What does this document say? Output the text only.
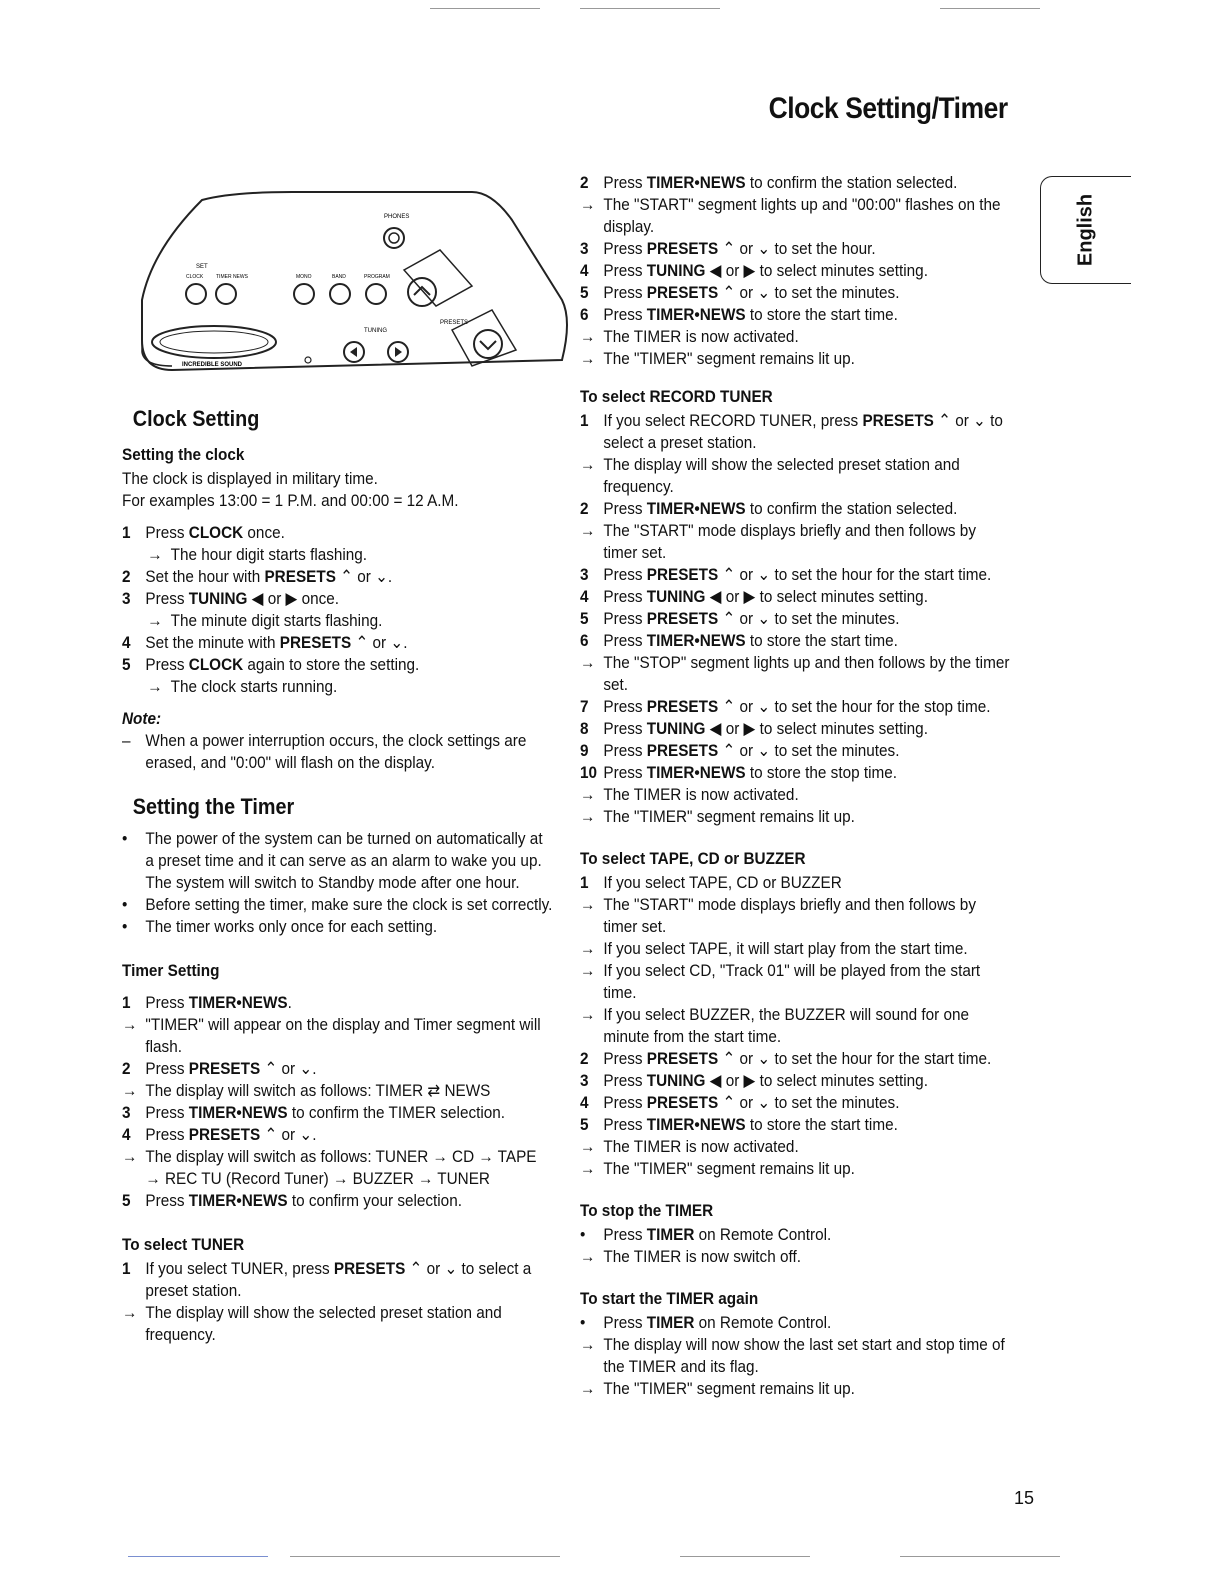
Clock Setting/Timer
English
PHONES
SET
CLOCK	TIMER NEWS	MONO	BAND	PROGRAM
PRESETS
TUNING
INCREDIBLE SOUND
Clock Setting
Setting the clock

The clock is displayed in military time.

For examples 13:00 = 1 P.M. and 00:00 = 12 A.M.

1 Press CLOCK once.
→ The hour digit starts flashing.
2 Set the hour with PRESETS ⌃ or ⌄.
3 Press TUNING ◀ or ▶ once.
→ The minute digit starts flashing.
4 Set the minute with PRESETS ⌃ or ⌄.
5 Press CLOCK again to store the setting.
→ The clock starts running.

Note:

– When a power interruption occurs, the clock settings are erased, and "0:00" will flash on the display.
Setting the Timer
•	The power of the system can be turned on automatically at a preset time and it can serve as an alarm to wake you up. The system will switch to Standby mode after one hour.
•	Before setting the timer, make sure the clock is set correctly.
•	The timer works only once for each setting.
Timer Setting
1 Press TIMER•NEWS.
→ "TIMER" will appear on the display and Timer segment will flash.
2 Press PRESETS ⌃ or ⌄.
→ The display will switch as follows: TIMER ⇄ NEWS
3 Press TIMER•NEWS to confirm the TIMER selection.
4 Press PRESETS ⌃ or ⌄.
→ The display will switch as follows: TUNER → CD → TAPE → REC TU (Record Tuner) → BUZZER → TUNER
5 Press TIMER•NEWS to confirm your selection.
To select TUNER
1 If you select TUNER, press PRESETS ⌃ or ⌄ to select a preset station.
→ The display will show the selected preset station and frequency.
2 Press TIMER•NEWS to confirm the station selected.
→ The "START" segment lights up and "00:00" flashes on the display.
3 Press PRESETS ⌃ or ⌄ to set the hour.
4 Press TUNING ◀ or ▶ to select minutes setting.
5 Press PRESETS ⌃ or ⌄ to set the minutes.
6 Press TIMER•NEWS to store the start time.
→ The TIMER is now activated.
→ The "TIMER" segment remains lit up.
To select RECORD TUNER
1 If you select RECORD TUNER, press PRESETS ⌃ or ⌄ to select a preset station.
→ The display will show the selected preset station and frequency.
2 Press TIMER•NEWS to confirm the station selected.
→ The "START" mode displays briefly and then follows by timer set.
3 Press PRESETS ⌃ or ⌄ to set the hour for the start time.
4 Press TUNING ◀ or ▶ to select minutes setting.
5 Press PRESETS ⌃ or ⌄ to set the minutes.
6 Press TIMER•NEWS to store the start time.
→ The "STOP" segment lights up and then follows by the timer set.
7 Press PRESETS ⌃ or ⌄ to set the hour for the stop time.
8 Press TUNING ◀ or ▶ to select minutes setting.
9 Press PRESETS ⌃ or ⌄ to set the minutes.
10 Press TIMER•NEWS to store the stop time.
→ The TIMER is now activated.
→ The "TIMER" segment remains lit up.
To select TAPE, CD or BUZZER
1 If you select TAPE, CD or BUZZER
→ The "START" mode displays briefly and then follows by timer set.
→ If you select TAPE, it will start play from the start time.
→ If you select CD, "Track 01" will be played from the start time.
→ If you select BUZZER, the BUZZER will sound for one minute from the start time.
2 Press PRESETS ⌃ or ⌄ to set the hour for the start time.
3 Press TUNING ◀ or ▶ to select minutes setting.
4 Press PRESETS ⌃ or ⌄ to set the minutes.
5 Press TIMER•NEWS to store the start time.
→ The TIMER is now activated.
→ The "TIMER" segment remains lit up.
To stop the TIMER
•	Press TIMER on Remote Control.
→ The TIMER is now switch off.
To start the TIMER again
•	Press TIMER on Remote Control.
→ The display will now show the last set start and stop time of the TIMER and its flag.
→ The "TIMER" segment remains lit up.
15
